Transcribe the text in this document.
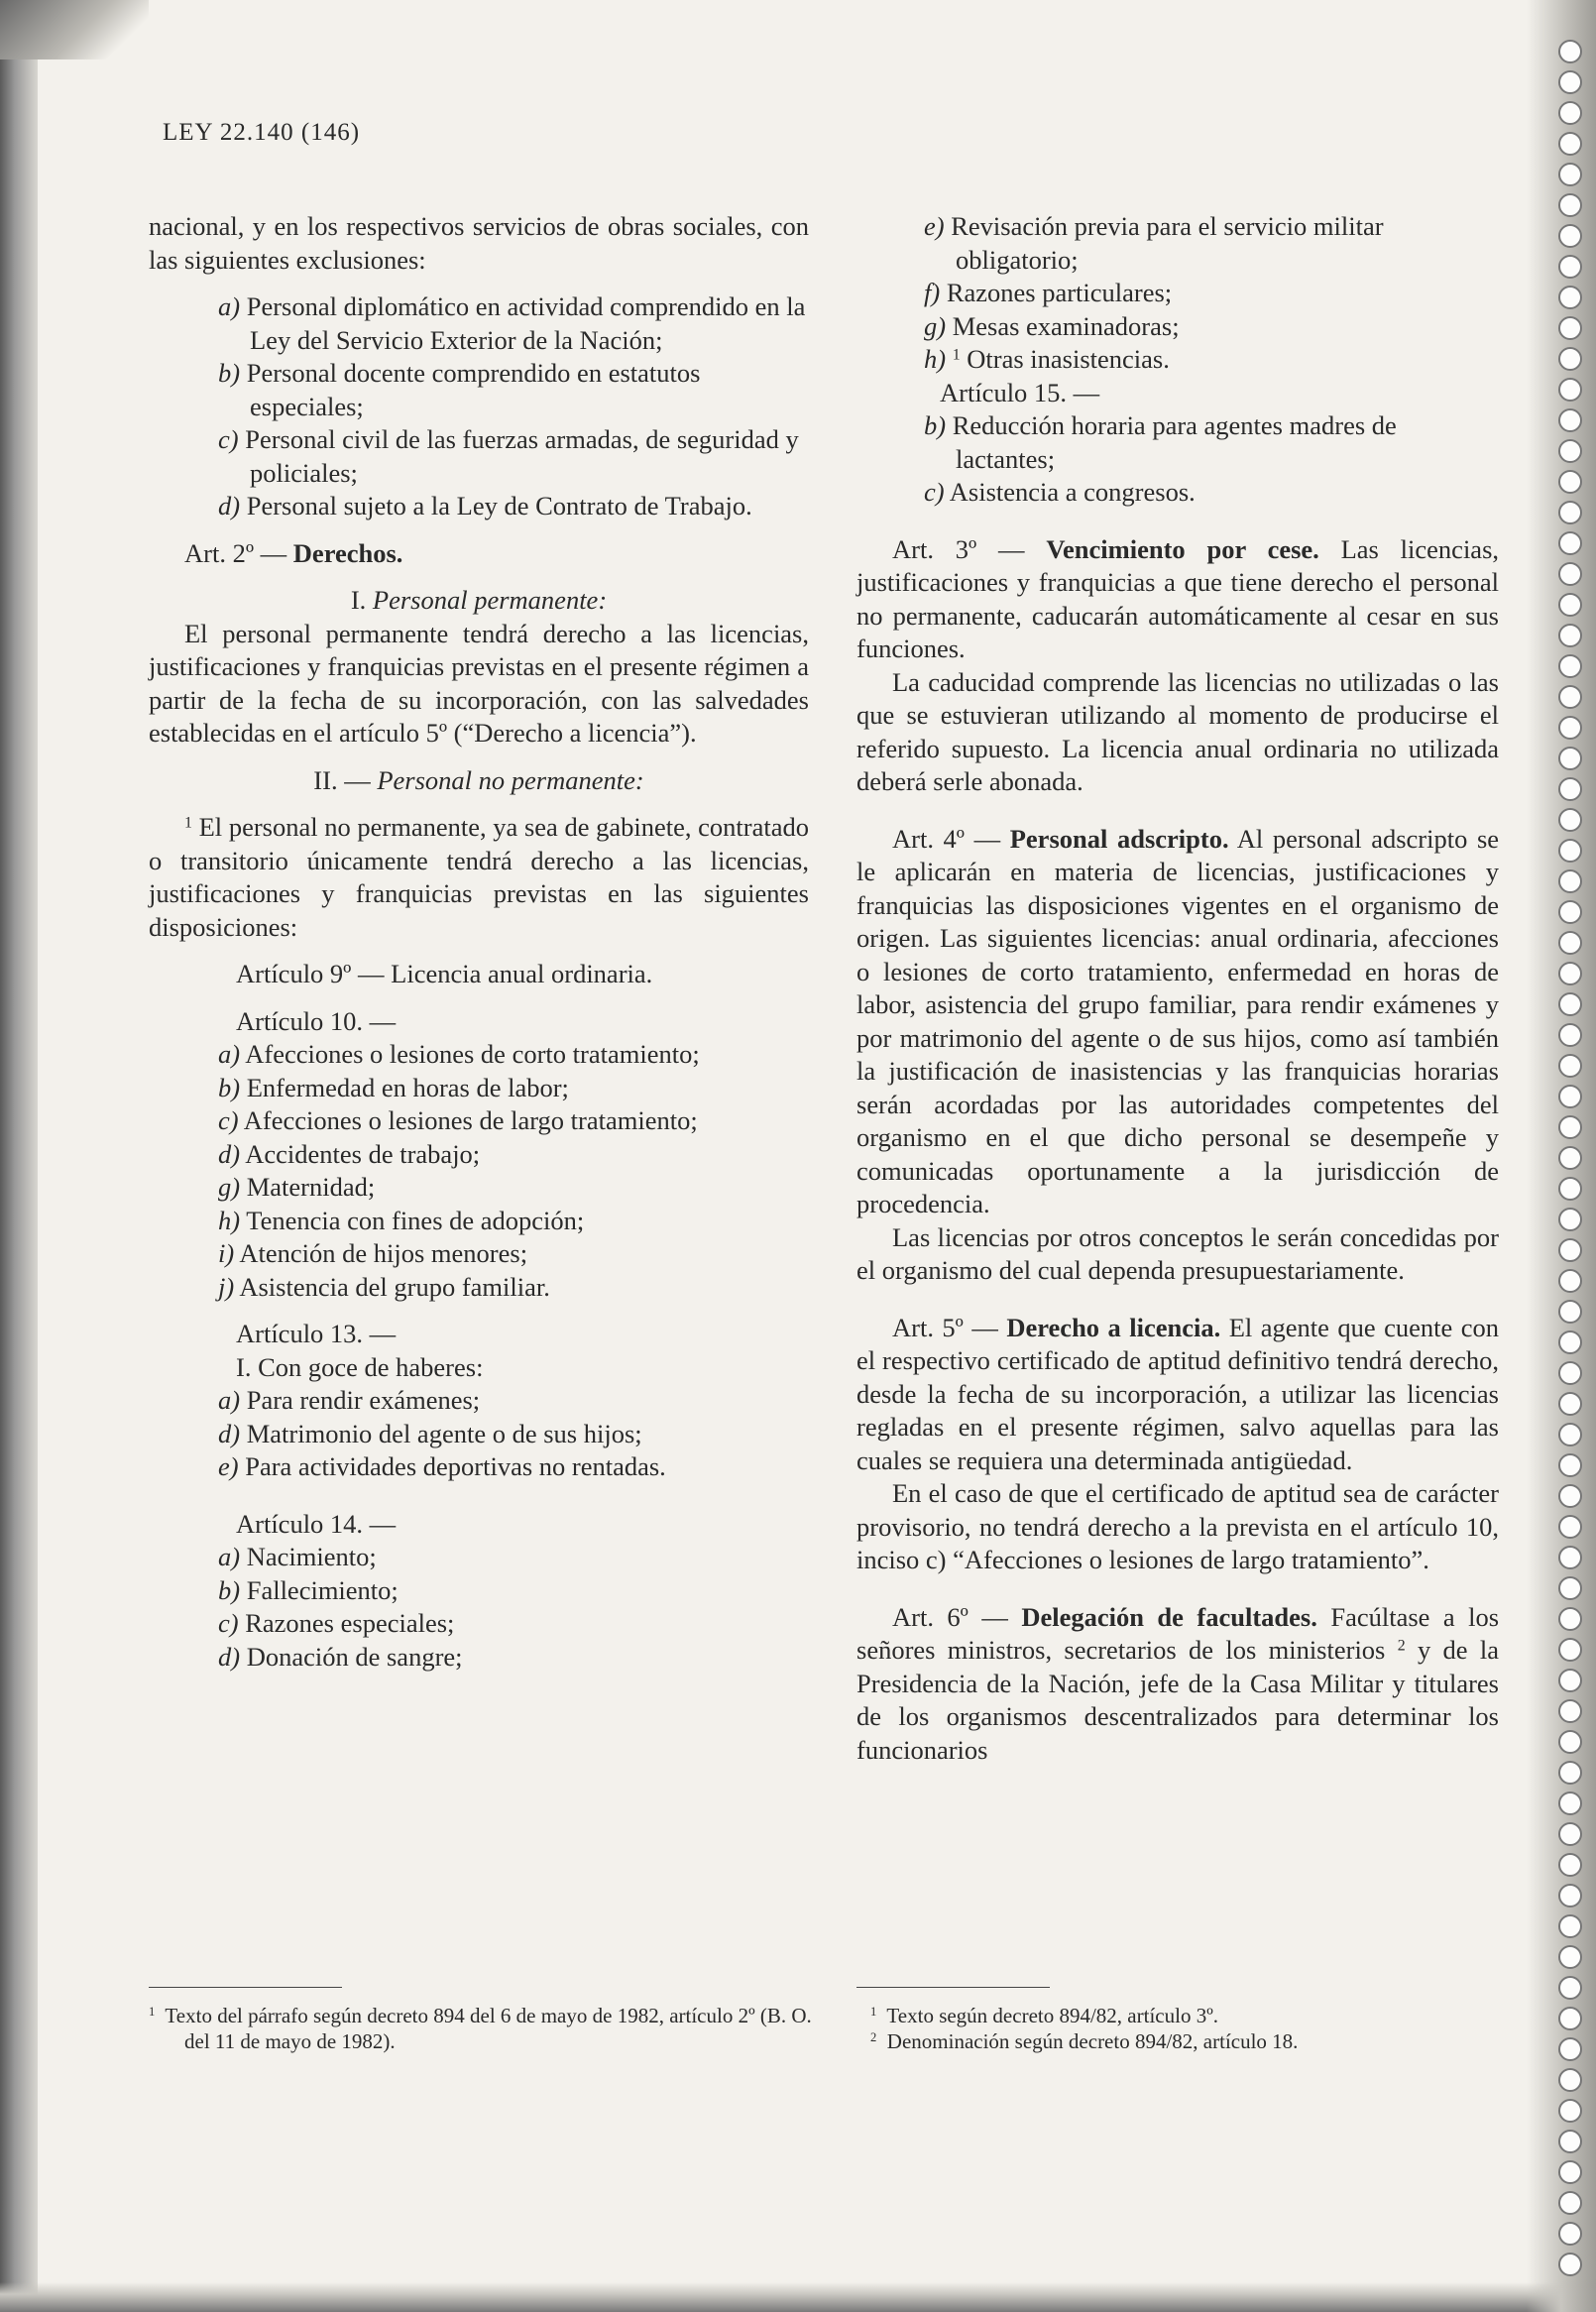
LEY 22.140 (146)

nacional, y en los respectivos servicios de obras sociales, con las siguientes exclusiones:

a) Personal diplomático en actividad comprendido en la Ley del Servicio Exterior de la Nación;

b) Personal docente comprendido en estatutos especiales;

c) Personal civil de las fuerzas armadas, de seguridad y policiales;

d) Personal sujeto a la Ley de Contrato de Trabajo.

Art. 2º — Derechos.

I. Personal permanente:

El personal permanente tendrá derecho a las licencias, justificaciones y franquicias previstas en el presente régimen a partir de la fecha de su incorporación, con las salvedades establecidas en el artículo 5º (“Derecho a licencia”).

II. — Personal no permanente:

$^1$ El personal no permanente, ya sea de gabinete, contratado o transitorio únicamente tendrá derecho a las licencias, justificaciones y franquicias previstas en las siguientes disposiciones:

Artículo 9º — Licencia anual ordinaria.

Artículo 10. —

a) Afecciones o lesiones de corto tratamiento;

b) Enfermedad en horas de labor;

c) Afecciones o lesiones de largo tratamiento;

d) Accidentes de trabajo;

g) Maternidad;

h) Tenencia con fines de adopción;

i) Atención de hijos menores;

j) Asistencia del grupo familiar.

Artículo 13. —

I. Con goce de haberes:

a) Para rendir exámenes;

d) Matrimonio del agente o de sus hijos;

e) Para actividades deportivas no rentadas.

Artículo 14. —

a) Nacimiento;

b) Fallecimiento;

c) Razones especiales;

d) Donación de sangre;

e) Revisación previa para el servicio militar obligatorio;

f) Razones particulares;

g) Mesas examinadoras;

h) $^1$ Otras inasistencias.

Artículo 15. —

b) Reducción horaria para agentes madres de lactantes;

c) Asistencia a congresos.

Art. 3º — Vencimiento por cese. Las licencias, justificaciones y franquicias a que tiene derecho el personal no permanente, caducarán automáticamente al cesar en sus funciones.

La caducidad comprende las licencias no utilizadas o las que se estuvieran utilizando al momento de producirse el referido supuesto. La licencia anual ordinaria no utilizada deberá serle abonada.

Art. 4º — Personal adscripto. Al personal adscripto se le aplicarán en materia de licencias, justificaciones y franquicias las disposiciones vigentes en el organismo de origen. Las siguientes licencias: anual ordinaria, afecciones o lesiones de corto tratamiento, enfermedad en horas de labor, asistencia del grupo familiar, para rendir exámenes y por matrimonio del agente o de sus hijos, como así también la justificación de inasistencias y las franquicias horarias serán acordadas por las autoridades competentes del organismo en el que dicho personal se desempeñe y comunicadas oportunamente a la jurisdicción de procedencia.

Las licencias por otros conceptos le serán concedidas por el organismo del cual dependa presupuestariamente.

Art. 5º — Derecho a licencia. El agente que cuente con el respectivo certificado de aptitud definitivo tendrá derecho, desde la fecha de su incorporación, a utilizar las licencias regladas en el presente régimen, salvo aquellas para las cuales se requiera una determinada antigüedad.

En el caso de que el certificado de aptitud sea de carácter provisorio, no tendrá derecho a la prevista en el artículo 10, inciso c) “Afecciones o lesiones de largo tratamiento”.

Art. 6º — Delegación de facultades. Facúltase a los señores ministros, secretarios de los ministerios $^2$ y de la Presidencia de la Nación, jefe de la Casa Militar y titulares de los organismos descentralizados para determinar los funcionarios

$^1$ Texto del párrafo según decreto 894 del 6 de mayo de 1982, artículo 2º (B. O. del 11 de mayo de 1982).

$^1$ Texto según decreto 894/82, artículo 3º.

$^2$ Denominación según decreto 894/82, artículo 18.
